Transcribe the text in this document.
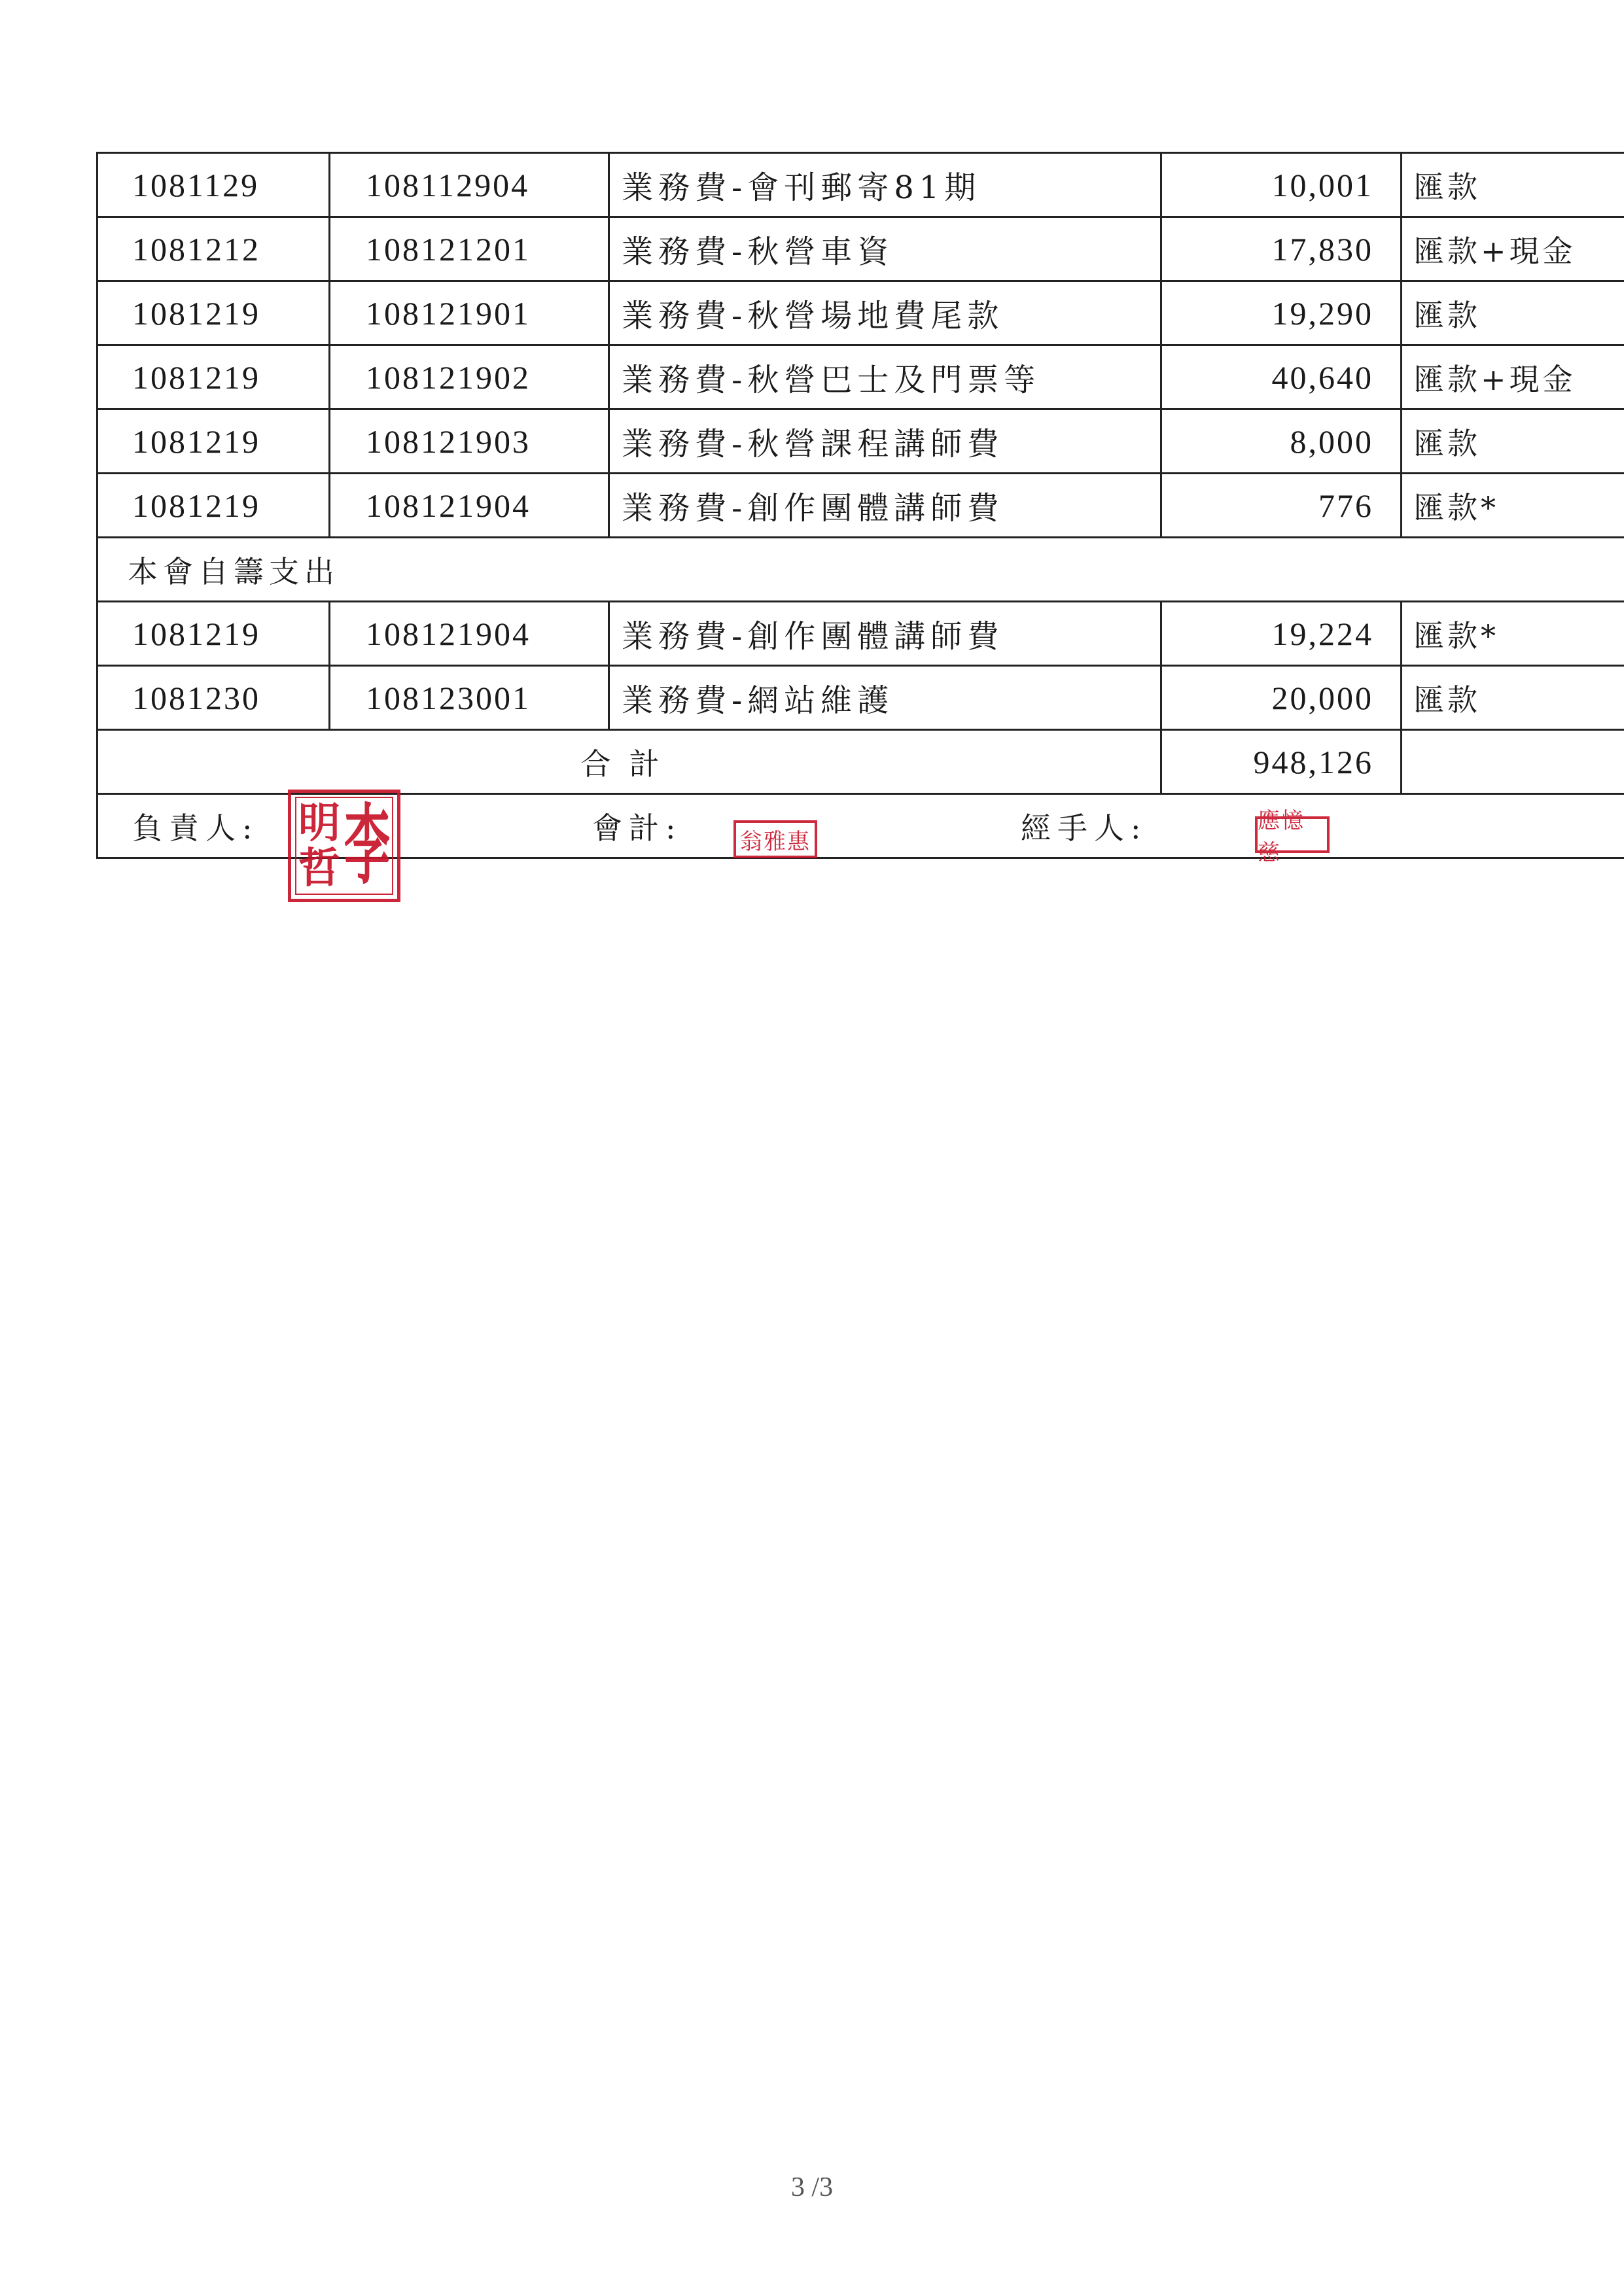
1081129	108112904	業務費-會刊郵寄81期	10,001	匯款
1081212	108121201	業務費-秋營車資	17,830	匯款+現金
1081219	108121901	業務費-秋營場地費尾款	19,290	匯款
1081219	108121902	業務費-秋營巴士及門票等	40,640	匯款+現金
1081219	108121903	業務費-秋營課程講師費	8,000	匯款
1081219	108121904	業務費-創作團體講師費	776	匯款*
本會自籌支出				
1081219	108121904	業務費-創作團體講師費	19,224	匯款*
1081230	108123001	業務費-網站維護	20,000	匯款
合計			948,126	

負責人: 會計: 經手人:				
明
哲 李	翁雅惠
應憶慈
3 /3
